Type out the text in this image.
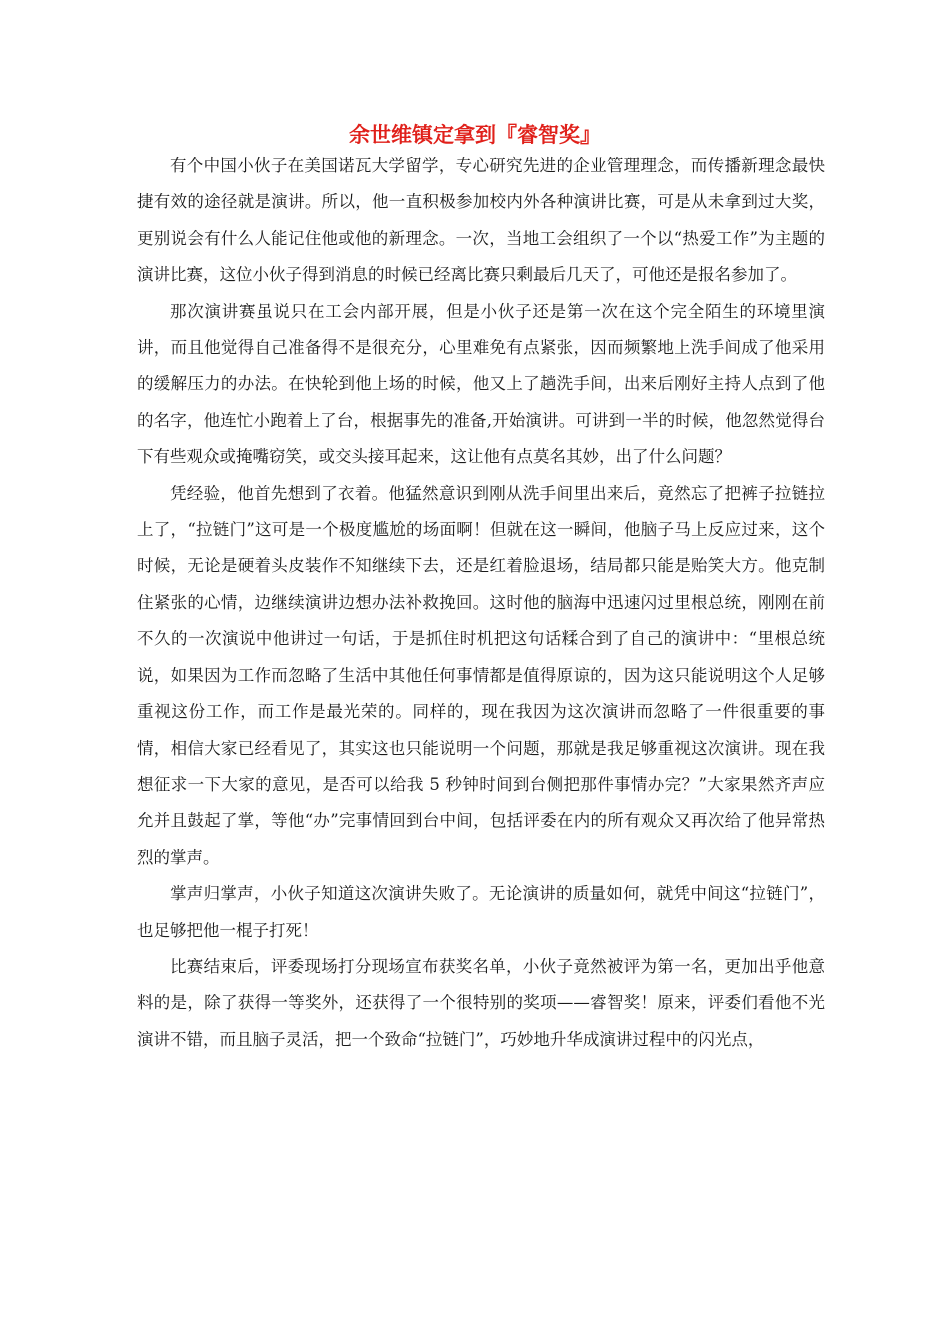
余世维镇定拿到『睿智奖』

有个中国小伙子在美国诺瓦大学留学，专心研究先进的企业管理理念，而传播新理念最快捷有效的途径就是演讲。所以，他一直积极参加校内外各种演讲比赛，可是从未拿到过大奖，更别说会有什么人能记住他或他的新理念。一次，当地工会组织了一个以“热爱工作”为主题的演讲比赛，这位小伙子得到消息的时候已经离比赛只剩最后几天了，可他还是报名参加了。

那次演讲赛虽说只在工会内部开展，但是小伙子还是第一次在这个完全陌生的环境里演讲，而且他觉得自己准备得不是很充分，心里难免有点紧张，因而频繁地上洗手间成了他采用的缓解压力的办法。在快轮到他上场的时候，他又上了趟洗手间，出来后刚好主持人点到了他的名字，他连忙小跑着上了台，根据事先的准备,开始演讲。可讲到一半的时候，他忽然觉得台下有些观众或掩嘴窃笑，或交头接耳起来，这让他有点莫名其妙，出了什么问题？

凭经验，他首先想到了衣着。他猛然意识到刚从洗手间里出来后，竟然忘了把裤子拉链拉上了，“拉链门”这可是一个极度尴尬的场面啊！但就在这一瞬间，他脑子马上反应过来，这个时候，无论是硬着头皮装作不知继续下去，还是红着脸退场，结局都只能是贻笑大方。他克制住紧张的心情，边继续演讲边想办法补救挽回。这时他的脑海中迅速闪过里根总统，刚刚在前不久的一次演说中他讲过一句话，于是抓住时机把这句话糅合到了自己的演讲中：“里根总统说，如果因为工作而忽略了生活中其他任何事情都是值得原谅的，因为这只能说明这个人足够重视这份工作，而工作是最光荣的。同样的，现在我因为这次演讲而忽略了一件很重要的事情，相信大家已经看见了，其实这也只能说明一个问题，那就是我足够重视这次演讲。现在我想征求一下大家的意见，是否可以给我 5 秒钟时间到台侧把那件事情办完？”大家果然齐声应允并且鼓起了掌，等他“办”完事情回到台中间，包括评委在内的所有观众又再次给了他异常热烈的掌声。

掌声归掌声，小伙子知道这次演讲失败了。无论演讲的质量如何，就凭中间这“拉链门”，也足够把他一棍子打死！

比赛结束后，评委现场打分现场宣布获奖名单，小伙子竟然被评为第一名，更加出乎他意料的是，除了获得一等奖外，还获得了一个很特别的奖项——睿智奖！原来，评委们看他不光演讲不错，而且脑子灵活，把一个致命“拉链门”，巧妙地升华成演讲过程中的闪光点，
